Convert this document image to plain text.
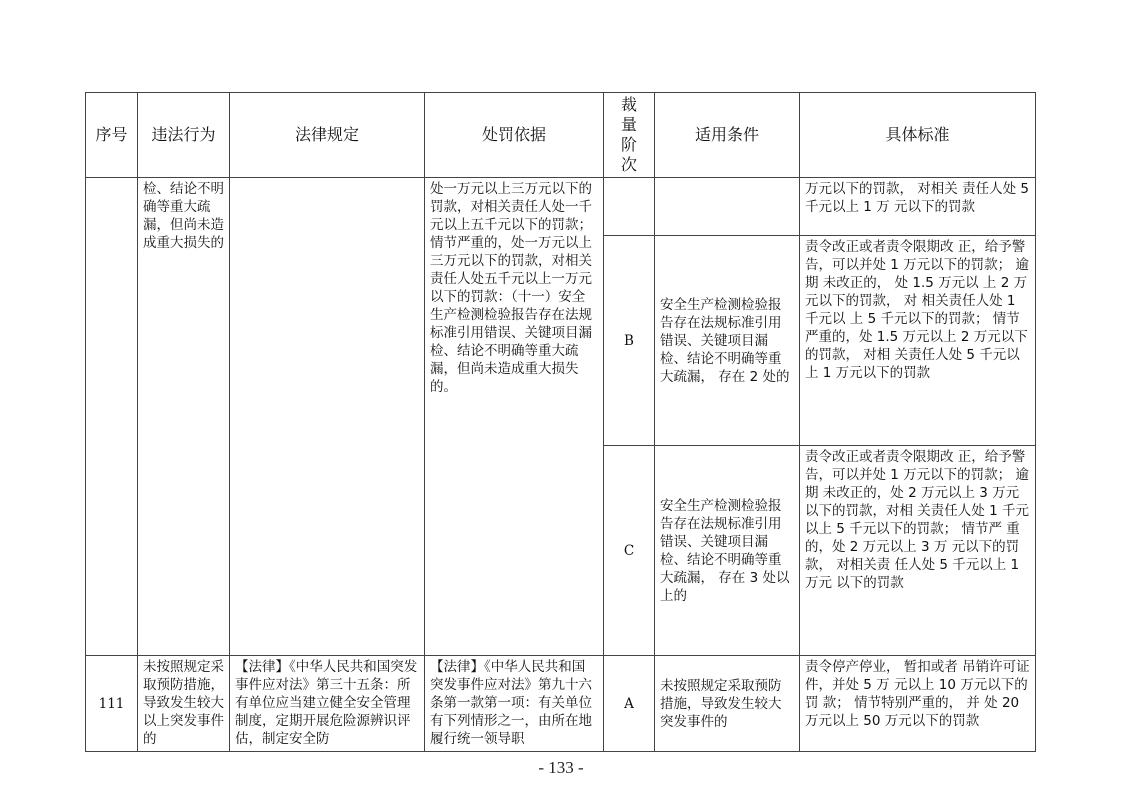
序号	违法行为	法律规定	处罚依据	裁量阶次	适用条件	具体标准

	检、结论不明确等重大疏漏，但尚未造成重大损失的		处一万元以上三万元以下的罚款，对相关责任人处一千元以上五千元以下的罚款；情节严重的，处一万元以上三万元以下的罚款，对相关责任人处五千元以上一万元以下的罚款：（十一）安全生产检测检验报告存在法规标准引用错误、关键项目漏检、结论不明确等重大疏漏，但尚未造成重大损失的。			万元以下的罚款， 对相关 责任人处 5 千元以上 1 万 元以下的罚款
				B	安全生产检测检验报告存在法规标准引用错误、关键项目漏检、结论不明确等重大疏漏， 存在 2 处的	责令改正或者责令限期改 正，给予警告，可以并处 1 万元以下的罚款； 逾期 未改正的， 处 1.5 万元以 上 2 万元以下的罚款， 对 相关责任人处 1 千元以 上 5 千元以下的罚款； 情节 严重的，处 1.5 万元以上 2 万元以下的罚款， 对相 关责任人处 5 千元以上 1 万元以下的罚款
				C	安全生产检测检验报告存在法规标准引用错误、关键项目漏检、结论不明确等重大疏漏， 存在 3 处以上的	责令改正或者责令限期改 正，给予警告，可以并处 1 万元以下的罚款； 逾期 未改正的，处 2 万元以上 3 万元以下的罚款，对相 关责任人处 1 千元以上 5 千元以下的罚款； 情节严 重的，处 2 万元以上 3 万 元以下的罚款， 对相关责 任人处 5 千元以上 1 万元 以下的罚款
111	未按照规定采取预防措施，导致发生较大以上突发事件的	【法律】《中华人民共和国突发事件应对法》第三十五条：所有单位应当建立健全安全管理制度，定期开展危险源辨识评估，制定安全防	【法律】《中华人民共和国突发事件应对法》第九十六条第一款第一项：有关单位有下列情形之一，由所在地履行统一领导职	A	未按照规定采取预防措施，导致发生较大突发事件的	责令停产停业， 暂扣或者 吊销许可证件，并处 5 万 元以上 10 万元以下的罚 款； 情节特别严重的， 并 处 20 万元以上 50 万元以下的罚款
- 133 -
